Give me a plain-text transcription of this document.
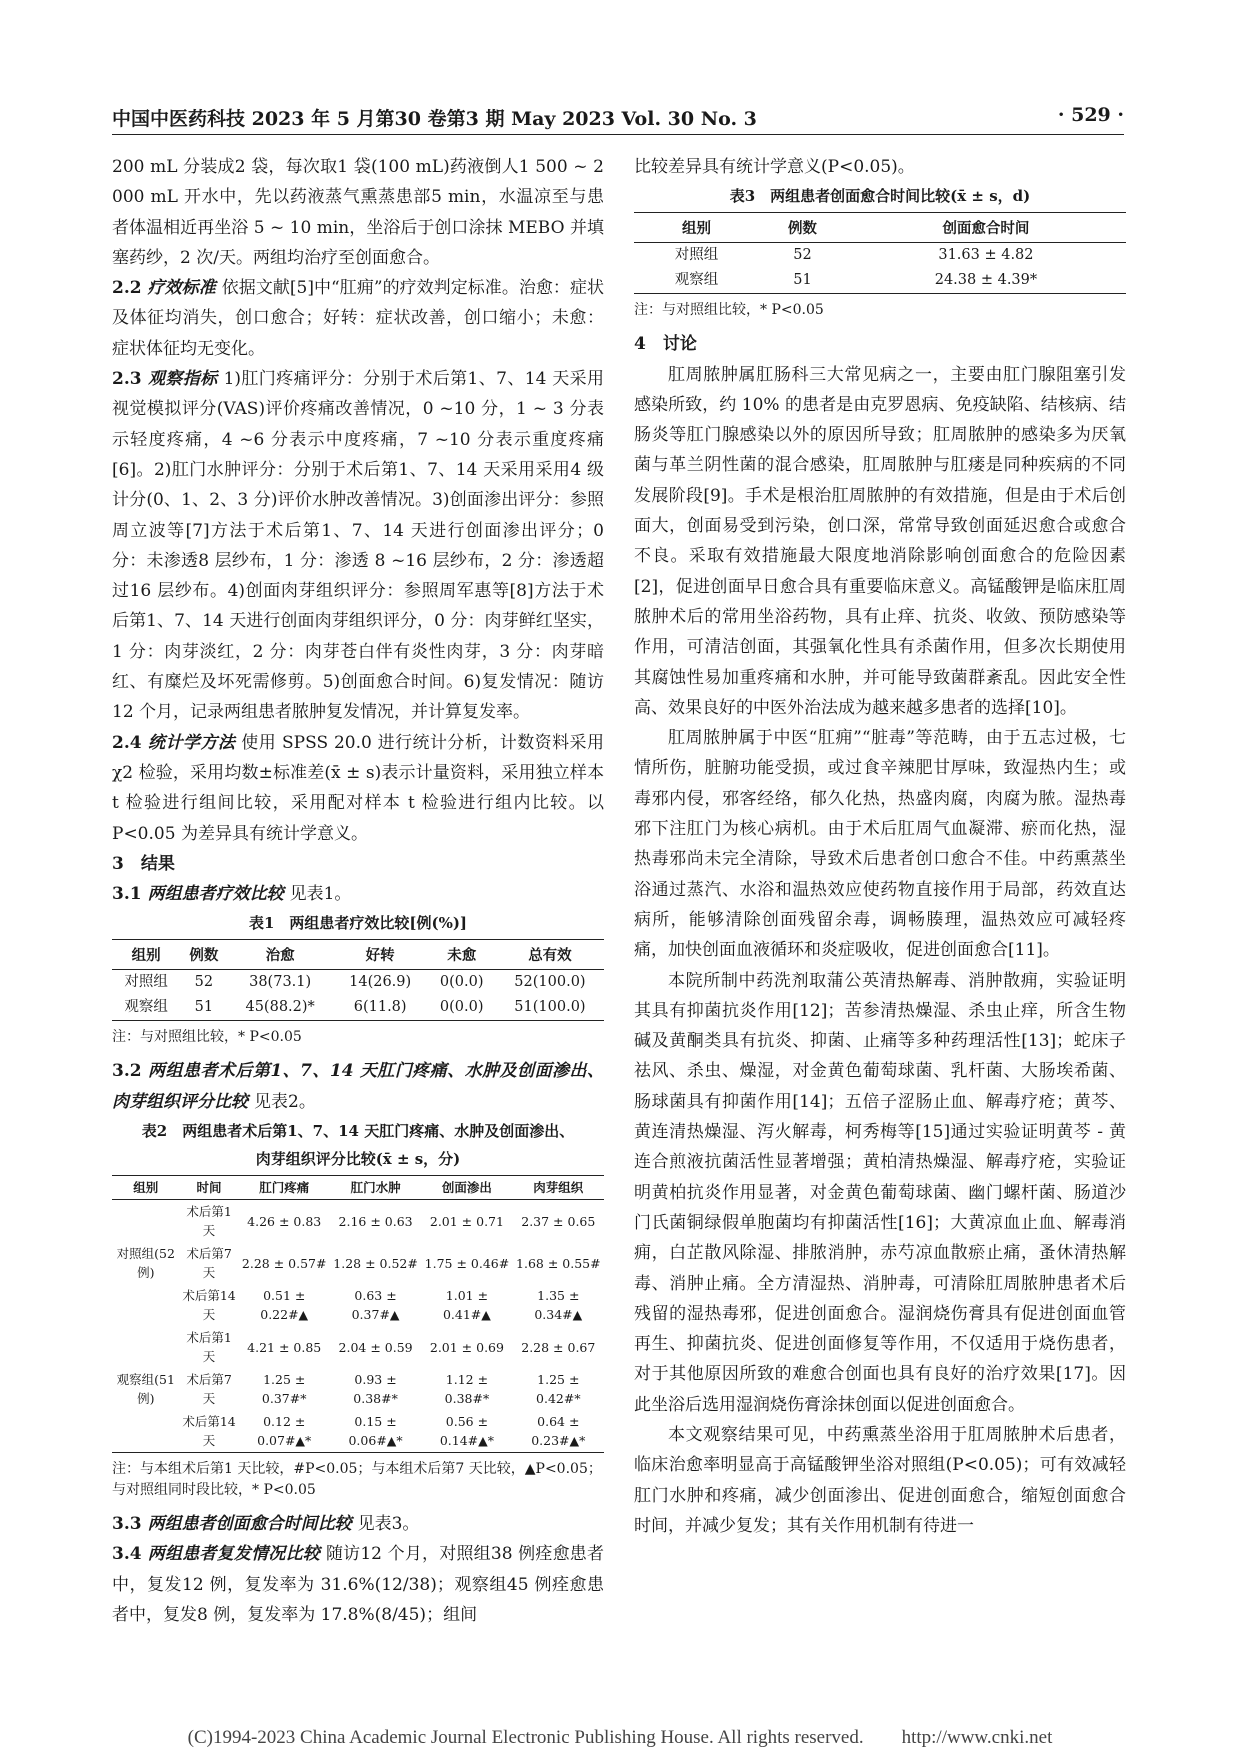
中国中医药科技 2023 年 5 月第30 卷第3 期 May 2023 Vol. 30 No. 3	· 529 ·

200 mL 分装成2 袋，每次取1 袋(100 mL)药液倒人1 500 ~ 2 000 mL 开水中，先以药液蒸气熏蒸患部5 min，水温凉至与患者体温相近再坐浴 5 ~ 10 min，坐浴后于创口涂抹 MEBO 并填塞药纱，2 次/天。两组均治疗至创面愈合。

2.2 疗效标准 依据文献[5]中“肛痈”的疗效判定标准。治愈：症状及体征均消失，创口愈合；好转：症状改善，创口缩小；未愈：症状体征均无变化。

2.3 观察指标 1)肛门疼痛评分：分别于术后第1、7、14 天采用视觉模拟评分(VAS)评价疼痛改善情况，0 ~10 分，1 ~ 3 分表示轻度疼痛，4 ~6 分表示中度疼痛，7 ~10 分表示重度疼痛[6]。2)肛门水肿评分：分别于术后第1、7、14 天采用采用4 级计分(0、1、2、3 分)评价水肿改善情况。3)创面渗出评分：参照周立波等[7]方法于术后第1、7、14 天进行创面渗出评分；0 分：未渗透8 层纱布，1 分：渗透 8 ~16 层纱布，2 分：渗透超过16 层纱布。4)创面肉芽组织评分：参照周军惠等[8]方法于术后第1、7、14 天进行创面肉芽组织评分，0 分：肉芽鲜红坚实，1 分：肉芽淡红，2 分：肉芽苍白伴有炎性肉芽，3 分：肉芽暗红、有糜烂及坏死需修剪。5)创面愈合时间。6)复发情况：随访12 个月，记录两组患者脓肿复发情况，并计算复发率。

2.4 统计学方法 使用 SPSS 20.0 进行统计分析，计数资料采用χ2 检验，采用均数±标准差(x̄ ± s)表示计量资料，采用独立样本 t 检验进行组间比较，采用配对样本 t 检验进行组内比较。以 P<0.05 为差异具有统计学意义。

3　结果

3.1 两组患者疗效比较 见表1。

表1　两组患者疗效比较[例(%)]
组别	例数	治愈	好转	未愈	总有效
对照组	52	38(73.1)	14(26.9)	0(0.0)	52(100.0)
观察组	51	45(88.2)*	6(11.8)	0(0.0)	51(100.0)
注：与对照组比较，* P<0.05

3.2 两组患者术后第1、7、14 天肛门疼痛、水肿及创面渗出、肉芽组织评分比较 见表2。

表2　两组患者术后第1、7、14 天肛门疼痛、水肿及创面渗出、
肉芽组织评分比较(x̄ ± s，分)
组别	时间	肛门疼痛	肛门水肿	创面渗出	肉芽组织
对照组(52 例)	术后第1 天	4.26 ± 0.83	2.16 ± 0.63	2.01 ± 0.71	2.37 ± 0.65
	术后第7 天	2.28 ± 0.57#	1.28 ± 0.52#	1.75 ± 0.46#	1.68 ± 0.55#
	术后第14 天	0.51 ± 0.22#▲	0.63 ± 0.37#▲	1.01 ± 0.41#▲	1.35 ± 0.34#▲
观察组(51 例)	术后第1 天	4.21 ± 0.85	2.04 ± 0.59	2.01 ± 0.69	2.28 ± 0.67
	术后第7 天	1.25 ± 0.37#*	0.93 ± 0.38#*	1.12 ± 0.38#*	1.25 ± 0.42#*
	术后第14 天	0.12 ± 0.07#▲*	0.15 ± 0.06#▲*	0.56 ± 0.14#▲*	0.64 ± 0.23#▲*
注：与本组术后第1 天比较，#P<0.05；与本组术后第7 天比较，▲P<0.05；与对照组同时段比较，* P<0.05

3.3 两组患者创面愈合时间比较 见表3。

3.4 两组患者复发情况比较 随访12 个月，对照组38 例痊愈患者中，复发12 例，复发率为 31.6%(12/38)；观察组45 例痊愈患者中，复发8 例，复发率为 17.8%(8/45)；组间

比较差异具有统计学意义(P<0.05)。

表3　两组患者创面愈合时间比较(x̄ ± s，d)
组别	例数	创面愈合时间
对照组	52	31.63 ± 4.82
观察组	51	24.38 ± 4.39*
注：与对照组比较，* P<0.05
4　讨论

肛周脓肿属肛肠科三大常见病之一，主要由肛门腺阻塞引发感染所致，约 10% 的患者是由克罗恩病、免疫缺陷、结核病、结肠炎等肛门腺感染以外的原因所导致；肛周脓肿的感染多为厌氧菌与革兰阴性菌的混合感染，肛周脓肿与肛瘘是同种疾病的不同发展阶段[9]。手术是根治肛周脓肿的有效措施，但是由于术后创面大，创面易受到污染，创口深，常常导致创面延迟愈合或愈合不良。采取有效措施最大限度地消除影响创面愈合的危险因素[2]，促进创面早日愈合具有重要临床意义。高锰酸钾是临床肛周脓肿术后的常用坐浴药物，具有止痒、抗炎、收敛、预防感染等作用，可清洁创面，其强氧化性具有杀菌作用，但多次长期使用其腐蚀性易加重疼痛和水肿，并可能导致菌群紊乱。因此安全性高、效果良好的中医外治法成为越来越多患者的选择[10]。

肛周脓肿属于中医“肛痈”“脏毒”等范畴，由于五志过极，七情所伤，脏腑功能受损，或过食辛辣肥甘厚味，致湿热内生；或毒邪内侵，邪客经络，郁久化热，热盛肉腐，肉腐为脓。湿热毒邪下注肛门为核心病机。由于术后肛周气血凝滞、瘀而化热，湿热毒邪尚未完全清除，导致术后患者创口愈合不佳。中药熏蒸坐浴通过蒸汽、水浴和温热效应使药物直接作用于局部，药效直达病所，能够清除创面残留余毒，调畅腠理，温热效应可减轻疼痛，加快创面血液循环和炎症吸收，促进创面愈合[11]。

本院所制中药洗剂取蒲公英清热解毒、消肿散痈，实验证明其具有抑菌抗炎作用[12]；苦参清热燥湿、杀虫止痒，所含生物碱及黄酮类具有抗炎、抑菌、止痛等多种药理活性[13]；蛇床子祛风、杀虫、燥湿，对金黄色葡萄球菌、乳杆菌、大肠埃希菌、肠球菌具有抑菌作用[14]；五倍子涩肠止血、解毒疗疮；黄芩、黄连清热燥湿、泻火解毒，柯秀梅等[15]通过实验证明黄芩 - 黄连合煎液抗菌活性显著增强；黄柏清热燥湿、解毒疗疮，实验证明黄柏抗炎作用显著，对金黄色葡萄球菌、幽门螺杆菌、肠道沙门氏菌铜绿假单胞菌均有抑菌活性[16]；大黄凉血止血、解毒消痈，白芷散风除湿、排脓消肿，赤芍凉血散瘀止痛，蚤休清热解毒、消肿止痛。全方清湿热、消肿毒，可清除肛周脓肿患者术后残留的湿热毒邪，促进创面愈合。湿润烧伤膏具有促进创面血管再生、抑菌抗炎、促进创面修复等作用，不仅适用于烧伤患者，对于其他原因所致的难愈合创面也具有良好的治疗效果[17]。因此坐浴后选用湿润烧伤膏涂抹创面以促进创面愈合。

本文观察结果可见，中药熏蒸坐浴用于肛周脓肿术后患者，临床治愈率明显高于高锰酸钾坐浴对照组(P<0.05)；可有效减轻肛门水肿和疼痛，减少创面渗出、促进创面愈合，缩短创面愈合时间，并减少复发；其有关作用机制有待进一

(C)1994-2023 China Academic Journal Electronic Publishing House. All rights reserved.　　http://www.cnki.net
